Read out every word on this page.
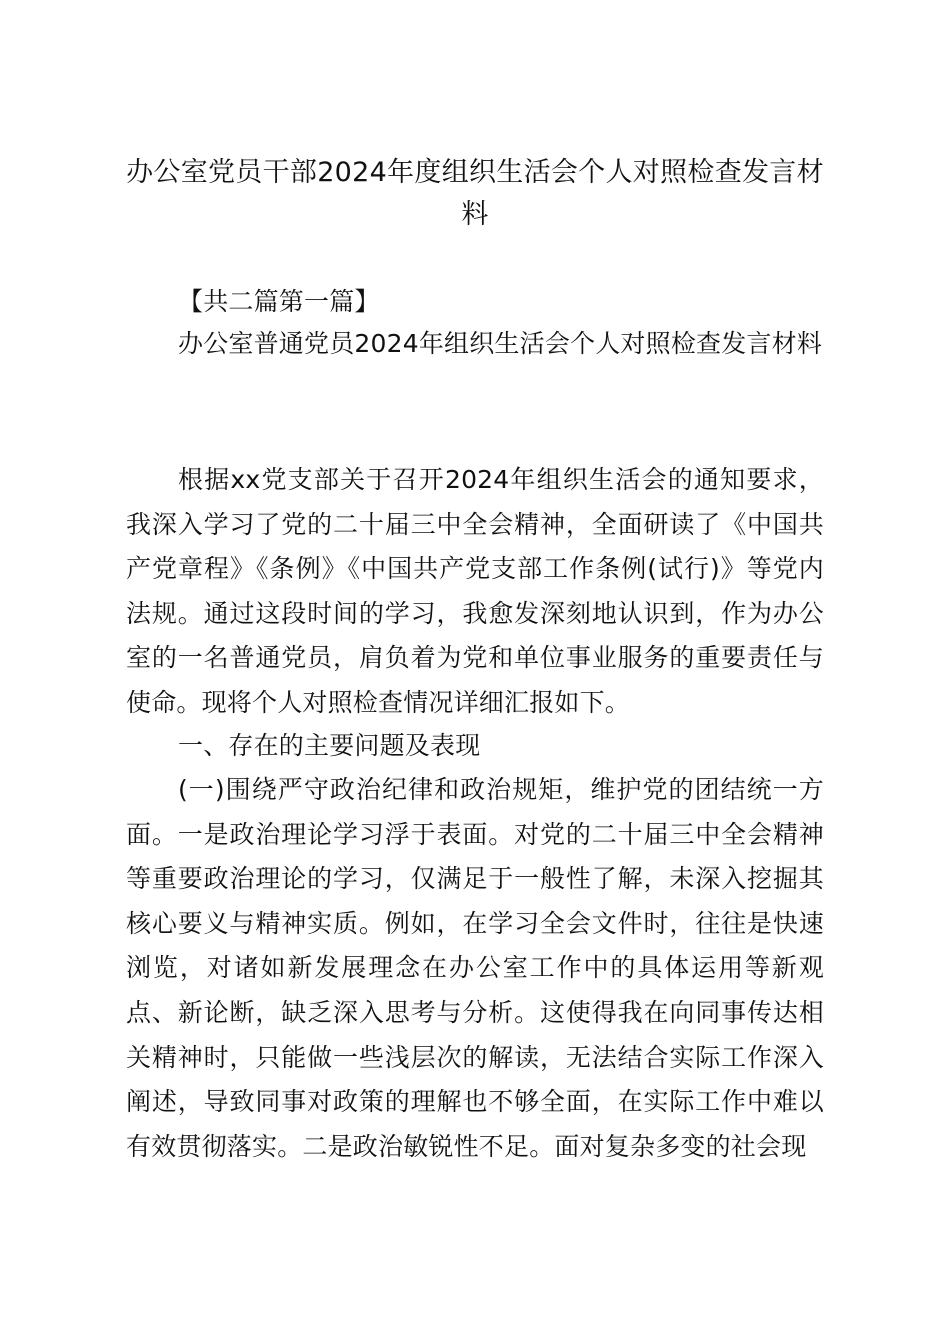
办公室党员干部2024年度组织生活会个人对照检查发言材料

【共二篇第一篇】

办公室普通党员2024年组织生活会个人对照检查发言材料

根据xx党支部关于召开2024年组织生活会的通知要求，我深入学习了党的二十届三中全会精神，全面研读了《中国共产党章程》《条例》《中国共产党支部工作条例(试行)》等党内法规。通过这段时间的学习，我愈发深刻地认识到，作为办公室的一名普通党员，肩负着为党和单位事业服务的重要责任与使命。现将个人对照检查情况详细汇报如下。

一、存在的主要问题及表现

(一)围绕严守政治纪律和政治规矩，维护党的团结统一方面。一是政治理论学习浮于表面。对党的二十届三中全会精神等重要政治理论的学习，仅满足于一般性了解，未深入挖掘其核心要义与精神实质。例如，在学习全会文件时，往往是快速浏览，对诸如新发展理念在办公室工作中的具体运用等新观点、新论断，缺乏深入思考与分析。这使得我在向同事传达相关精神时，只能做一些浅层次的解读，无法结合实际工作深入阐述，导致同事对政策的理解也不够全面，在实际工作中难以有效贯彻落实。二是政治敏锐性不足。面对复杂多变的社会现
